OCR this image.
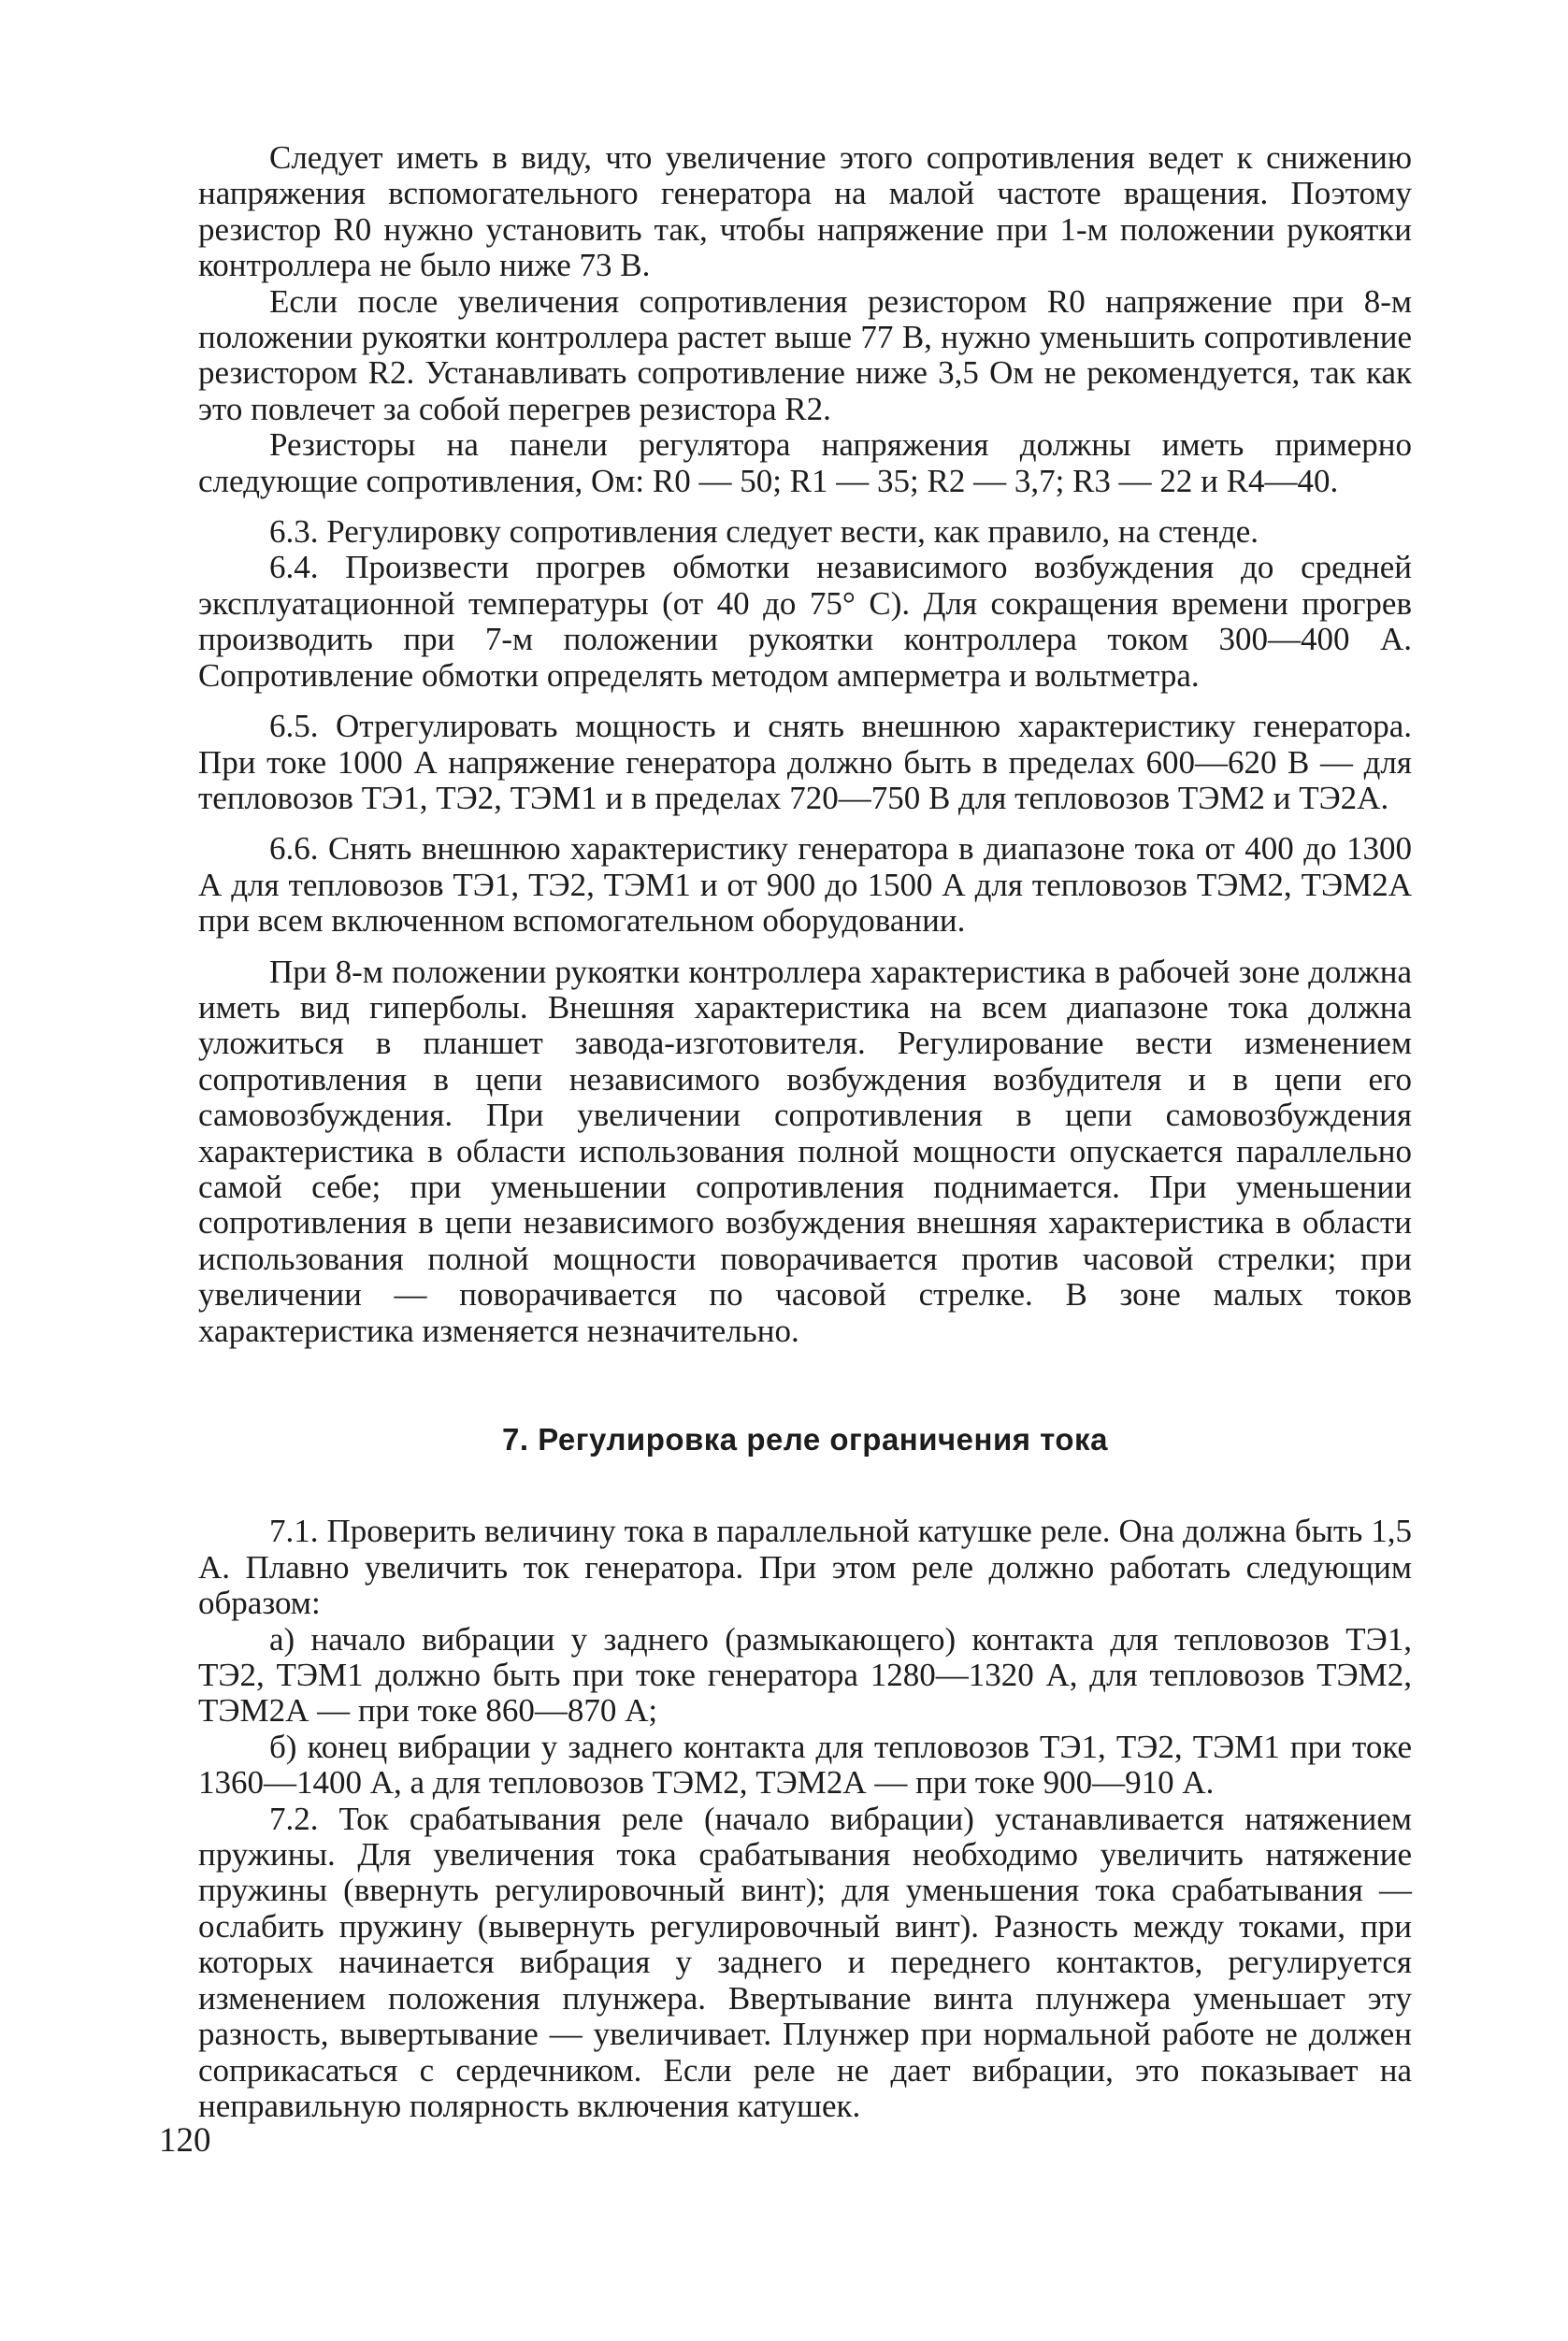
Следует иметь в виду, что увеличение этого сопротивления ведет к снижению напряжения вспомогательного генератора на малой частоте вращения. Поэтому резистор R0 нужно установить так, чтобы напряжение при 1-м положении рукоятки контроллера не было ниже 73 В.

Если после увеличения сопротивления резистором R0 напряжение при 8-м положении рукоятки контроллера растет выше 77 В, нужно уменьшить сопротивление резистором R2. Устанавливать сопротивление ниже 3,5 Ом не рекомендуется, так как это повлечет за собой перегрев резистора R2.

Резисторы на панели регулятора напряжения должны иметь примерно следующие сопротивления, Ом: R0 — 50; R1 — 35; R2 — 3,7; R3 — 22 и R4—40.

6.3. Регулировку сопротивления следует вести, как правило, на стенде.

6.4. Произвести прогрев обмотки независимого возбуждения до средней эксплуатационной температуры (от 40 до 75° С). Для сокращения времени прогрев производить при 7-м положении рукоятки контроллера током 300—400 А. Сопротивление обмотки определять методом амперметра и вольтметра.

6.5. Отрегулировать мощность и снять внешнюю характеристику генератора. При токе 1000 А напряжение генератора должно быть в пределах 600—620 В — для тепловозов ТЭ1, ТЭ2, ТЭМ1 и в пределах 720—750 В для тепловозов ТЭМ2 и ТЭ2А.

6.6. Снять внешнюю характеристику генератора в диапазоне тока от 400 до 1300 А для тепловозов ТЭ1, ТЭ2, ТЭМ1 и от 900 до 1500 А для тепловозов ТЭМ2, ТЭМ2А при всем включенном вспомогательном оборудовании.

При 8-м положении рукоятки контроллера характеристика в рабочей зоне должна иметь вид гиперболы. Внешняя характеристика на всем диапазоне тока должна уложиться в планшет завода-изготовителя. Регулирование вести изменением сопротивления в цепи независимого возбуждения возбудителя и в цепи его самовозбуждения. При увеличении сопротивления в цепи самовозбуждения характеристика в области использования полной мощности опускается параллельно самой себе; при уменьшении сопротивления поднимается. При уменьшении сопротивления в цепи независимого возбуждения внешняя характеристика в области использования полной мощности поворачивается против часовой стрелки; при увеличении — поворачивается по часовой стрелке. В зоне малых токов характеристика изменяется незначительно.

7. Регулировка реле ограничения тока

7.1. Проверить величину тока в параллельной катушке реле. Она должна быть 1,5 А. Плавно увеличить ток генератора. При этом реле должно работать следующим образом:

а) начало вибрации у заднего (размыкающего) контакта для тепловозов ТЭ1, ТЭ2, ТЭМ1 должно быть при токе генератора 1280—1320 А, для тепловозов ТЭМ2, ТЭМ2А — при токе 860—870 А;

б) конец вибрации у заднего контакта для тепловозов ТЭ1, ТЭ2, ТЭМ1 при токе 1360—1400 А, а для тепловозов ТЭМ2, ТЭМ2А — при токе 900—910 А.

7.2. Ток срабатывания реле (начало вибрации) устанавливается натяжением пружины. Для увеличения тока срабатывания необходимо увеличить натяжение пружины (ввернуть регулировочный винт); для уменьшения тока срабатывания — ослабить пружину (вывернуть регулировочный винт). Разность между токами, при которых начинается вибрация у заднего и переднего контактов, регулируется изменением положения плунжера. Ввертывание винта плунжера уменьшает эту разность, вывертывание — увеличивает. Плунжер при нормальной работе не должен соприкасаться с сердечником. Если реле не дает вибрации, это показывает на неправильную полярность включения катушек.

120
